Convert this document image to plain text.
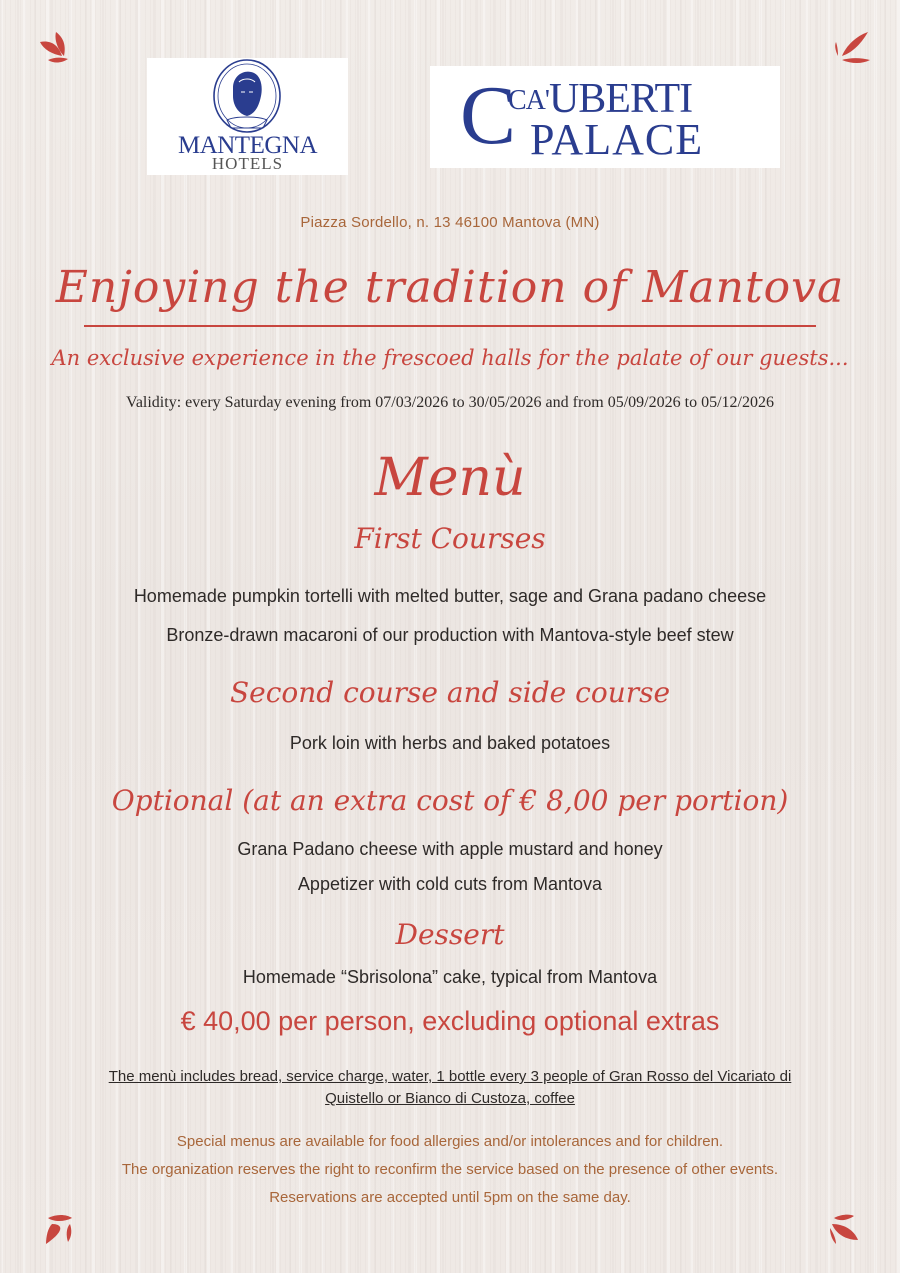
MANTEGNA
HOTELS
C
$^{CA'}$UBERTI
PALACE
Piazza Sordello, n. 13 46100 Mantova (MN)
Enjoying the tradition of Mantova
An exclusive experience in the frescoed halls for the palate of our guests...
Validity: every Saturday evening from 07/03/2026 to 30/05/2026 and from 05/09/2026 to 05/12/2026
Menù
First Courses
Homemade pumpkin tortelli with melted butter, sage and Grana padano cheese
Bronze-drawn macaroni of our production with Mantova-style beef stew
Second course and side course
Pork loin with herbs and baked potatoes
Optional (at an extra cost of € 8,00 per portion)
Grana Padano cheese with apple mustard and honey
Appetizer with cold cuts from Mantova
Dessert
Homemade “Sbrisolona” cake, typical from Mantova
€ 40,00 per person, excluding optional extras
The menù includes bread, service charge, water, 1 bottle every 3 people of Gran Rosso del Vicariato di
Quistello or Bianco di Custoza, coffee
Special menus are available for food allergies and/or intolerances and for children.
The organization reserves the right to reconfirm the service based on the presence of other events.
Reservations are accepted until 5pm on the same day.
